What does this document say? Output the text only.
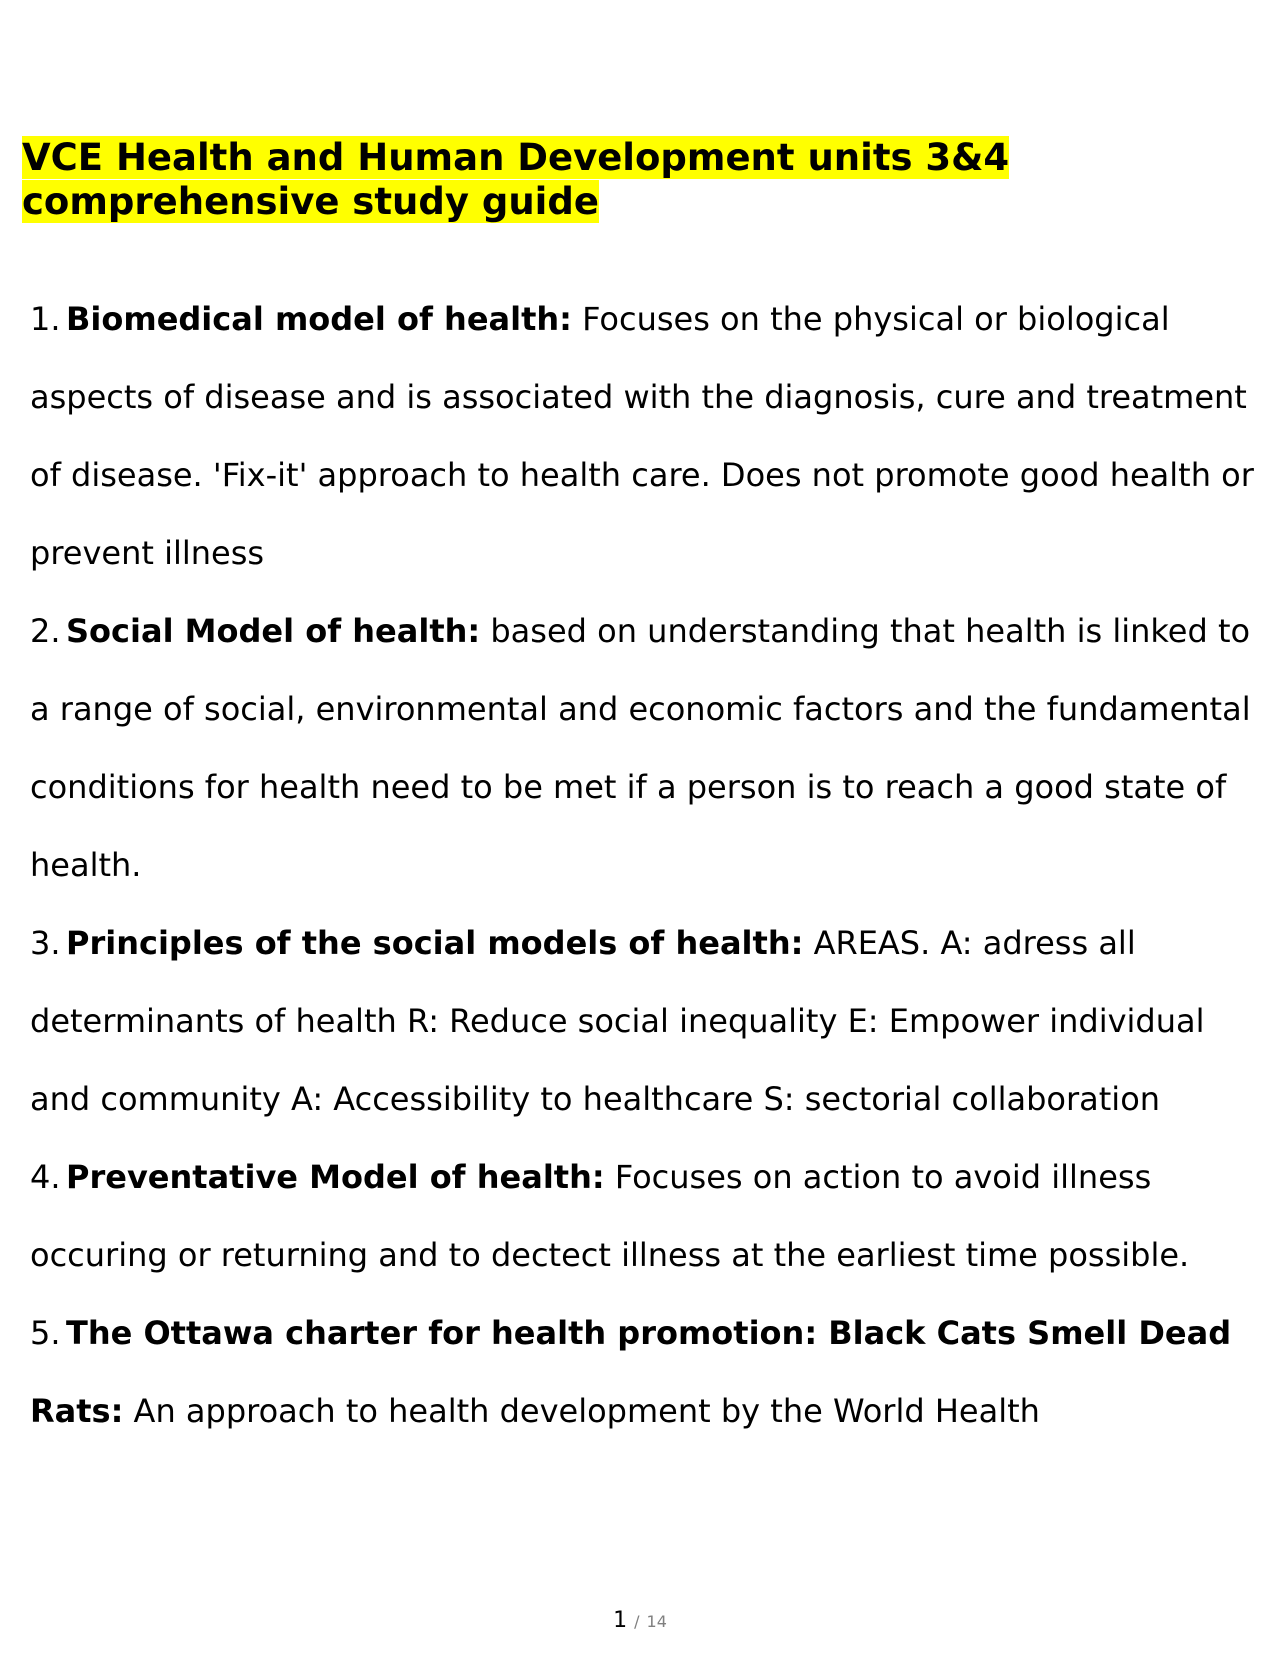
VCE Health and Human Development units 3&4 comprehensive study guide
1. Biomedical model of health: Focuses on the physical or biological aspects of disease and is associated with the diagnosis, cure and treatment of disease. 'Fix-it' approach to health care. Does not promote good health or prevent illness
2. Social Model of health: based on understanding that health is linked to a range of social, environmental and economic factors and the fundamental conditions for health need to be met if a person is to reach a good state of health.
3. Principles of the social models of health: AREAS. A: adress all determinants of health R: Reduce social inequality E: Empower individual and community A: Accessibility to healthcare S: sectorial collaboration
4. Preventative Model of health: Focuses on action to avoid illness occuring or returning and to dectect illness at the earliest time possible.
5. The Ottawa charter for health promotion: Black Cats Smell Dead Rats: An approach to health development by the World Health
1 / 14
